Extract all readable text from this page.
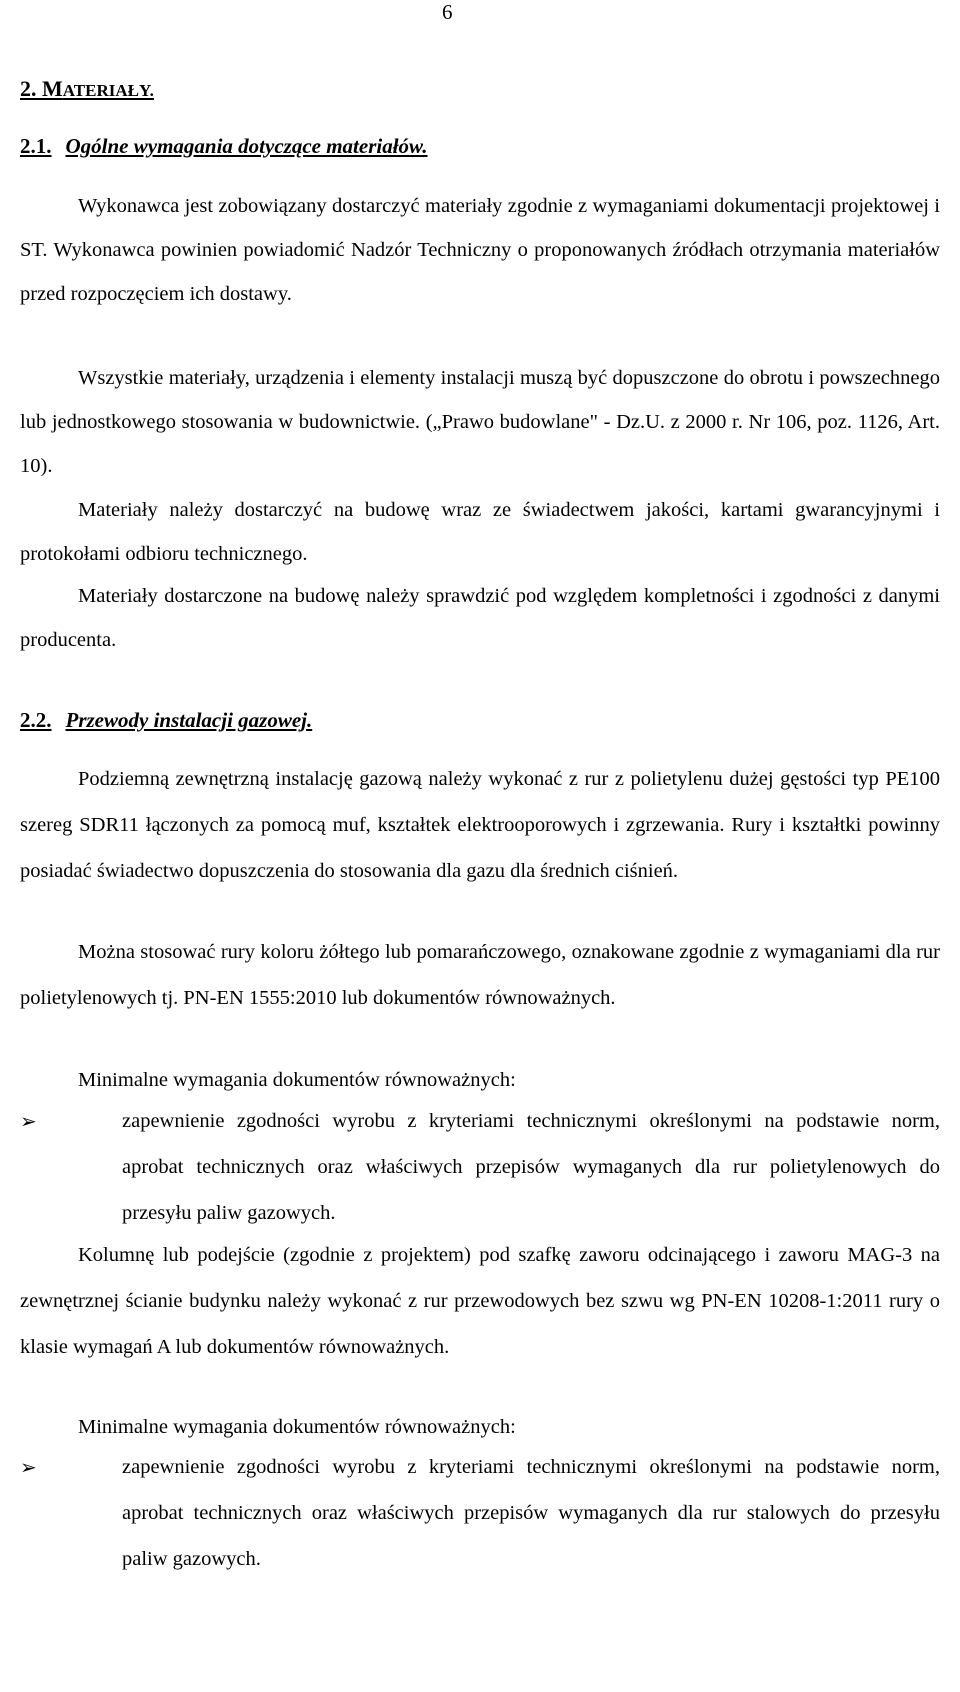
6
2. MATERIAŁY.
2.1. Ogólne wymagania dotyczące materiałów.
Wykonawca jest zobowiązany dostarczyć materiały zgodnie z wymaganiami dokumentacji projektowej i ST. Wykonawca powinien powiadomić Nadzór Techniczny o proponowanych źródłach otrzymania materiałów przed rozpoczęciem ich dostawy.
Wszystkie materiały, urządzenia i elementy instalacji muszą być dopuszczone do obrotu i powszechnego lub jednostkowego stosowania w budownictwie. („Prawo budowlane" - Dz.U. z 2000 r. Nr 106, poz. 1126, Art. 10).
Materiały należy dostarczyć na budowę wraz ze świadectwem jakości, kartami gwarancyjnymi i protokołami odbioru technicznego.
Materiały dostarczone na budowę należy sprawdzić pod względem kompletności i zgodności z danymi producenta.
2.2. Przewody instalacji gazowej.
Podziemną zewnętrzną instalację gazową należy wykonać z rur z polietylenu dużej gęstości typ PE100 szereg SDR11 łączonych za pomocą muf, kształtek elektrooporowych i zgrzewania. Rury i kształtki powinny posiadać świadectwo dopuszczenia do stosowania dla gazu dla średnich ciśnień.
Można stosować rury koloru żółtego lub pomarańczowego, oznakowane zgodnie z wymaganiami dla rur polietylenowych tj. PN-EN 1555:2010 lub dokumentów równoważnych.
Minimalne wymagania dokumentów równoważnych:
➢	zapewnienie zgodności wyrobu z kryteriami technicznymi określonymi na podstawie norm, aprobat technicznych oraz właściwych przepisów wymaganych dla rur polietylenowych do przesyłu paliw gazowych.
Kolumnę lub podejście (zgodnie z projektem) pod szafkę zaworu odcinającego i zaworu MAG-3 na zewnętrznej ścianie budynku należy wykonać z rur przewodowych bez szwu wg PN-EN 10208-1:2011 rury o klasie wymagań A lub dokumentów równoważnych.
Minimalne wymagania dokumentów równoważnych:
➢	zapewnienie zgodności wyrobu z kryteriami technicznymi określonymi na podstawie norm, aprobat technicznych oraz właściwych przepisów wymaganych dla rur stalowych do przesyłu paliw gazowych.
